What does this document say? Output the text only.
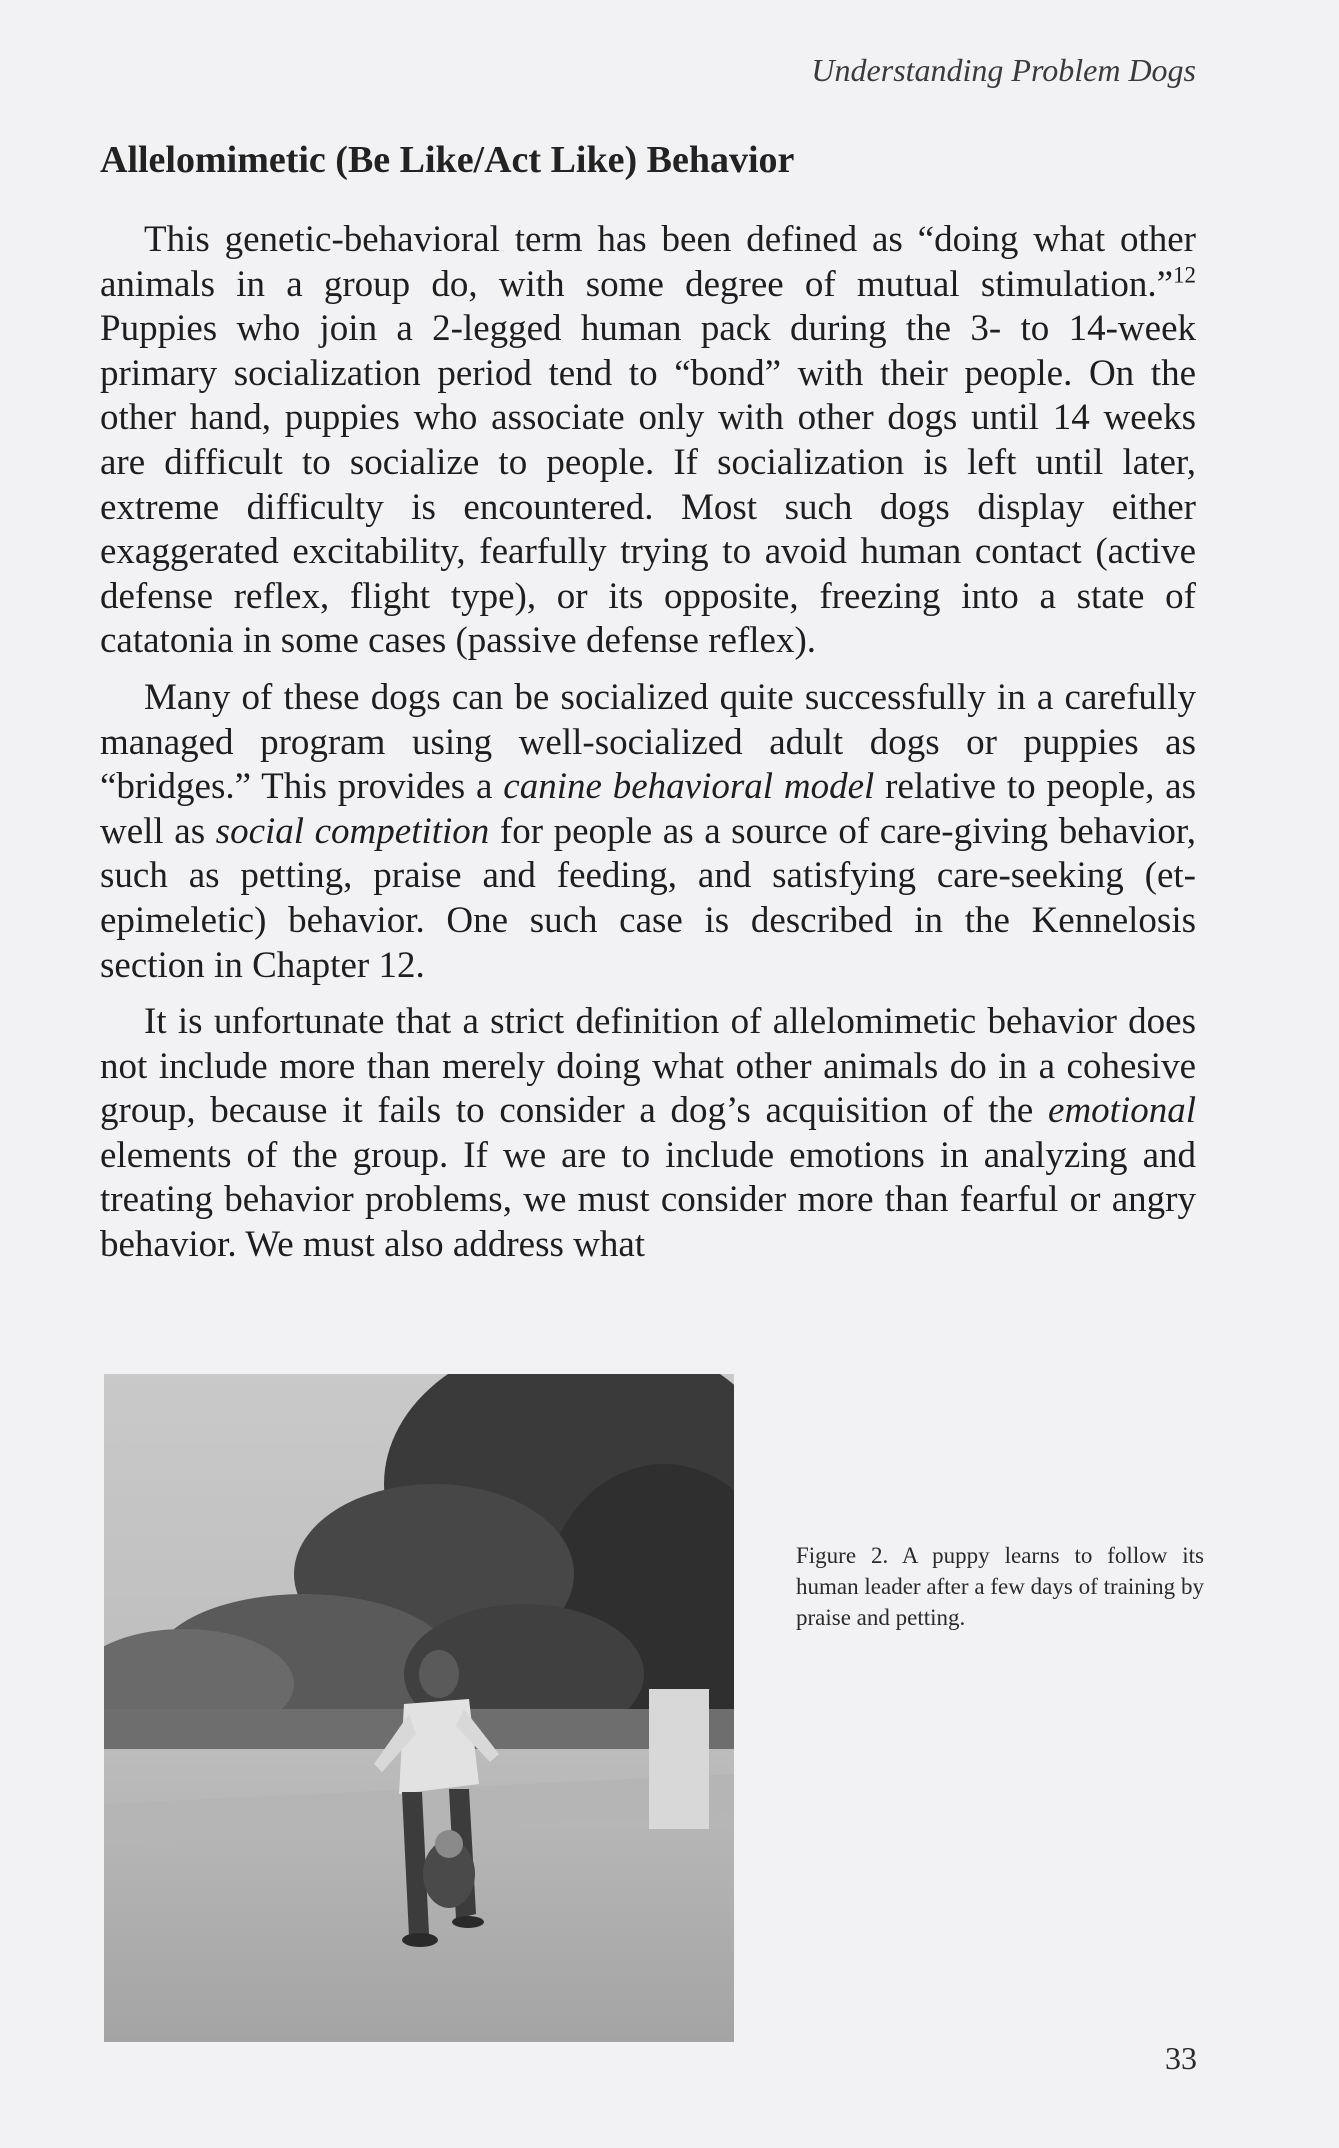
Understanding Problem Dogs
Allelomimetic (Be Like/Act Like) Behavior

This genetic-behavioral term has been defined as “doing what other animals in a group do, with some degree of mutual stimulation.”$^{12}$ Puppies who join a 2-legged human pack during the 3- to 14-week primary socialization period tend to “bond” with their people. On the other hand, puppies who associate only with other dogs until 14 weeks are difficult to socialize to people. If socialization is left until later, extreme difficulty is encountered. Most such dogs display either exaggerated excitability, fearfully trying to avoid human contact (active defense reflex, flight type), or its opposite, freezing into a state of catatonia in some cases (passive defense reflex).

Many of these dogs can be socialized quite successfully in a carefully managed program using well-socialized adult dogs or puppies as “bridges.” This provides a canine behavioral model relative to people, as well as social competition for people as a source of care-giving behavior, such as petting, praise and feeding, and satisfying care-seeking (et-epimeletic) behavior. One such case is described in the Kennelosis section in Chapter 12.

It is unfortunate that a strict definition of allelomimetic behavior does not include more than merely doing what other animals do in a cohesive group, because it fails to consider a dog’s acquisition of the emotional elements of the group. If we are to include emotions in analyzing and treating behavior problems, we must consider more than fearful or angry behavior. We must also address what

Figure 2. A puppy learns to follow its human leader after a few days of training by praise and petting.
33
